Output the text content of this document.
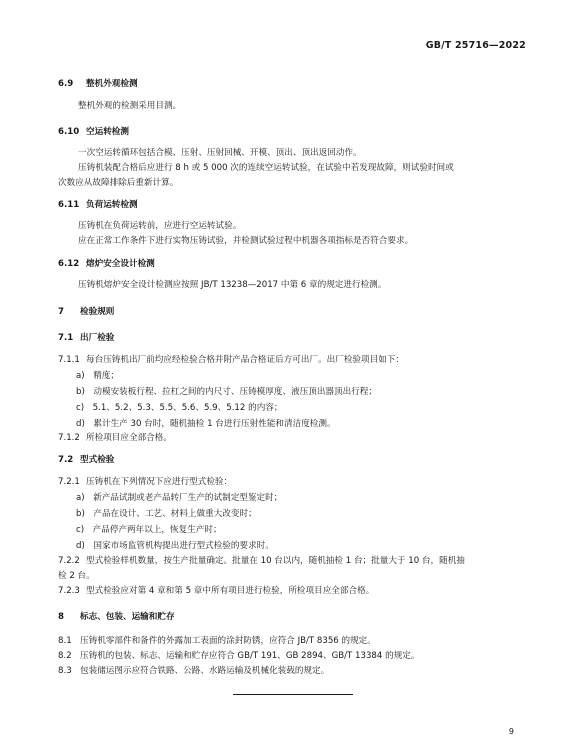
GB/T 25716—2022
6.9 整机外观检测
整机外观的检测采用目测。
6.10 空运转检测
一次空运转循环包括合模、压射、压射回械、开模、顶出、顶出返回动作。
压铸机装配合格后应进行 8 h 或 5 000 次的连续空运转试验，在试验中若发现故障，则试验时间或
次数应从故障排除后重新计算。
6.11 负荷运转检测
压铸机在负荷运转前，应进行空运转试验。
应在正常工作条件下进行实物压铸试验，并检测试验过程中机器各项指标是否符合要求。
6.12 熔炉安全设计检测
压铸机熔炉安全设计检测应按照 JB/T 13238—2017 中第 6 章的规定进行检测。
7 检验规则
7.1 出厂检验
7.1.1 每台压铸机出厂前均应经检验合格并附产品合格证后方可出厂。出厂检验项目如下：
a)　精度；
b)　动模安装板行程、拉杠之间的内尺寸、压铸模厚度、液压顶出器顶出行程；
c)　5.1、5.2、5.3、5.5、5.6、5.9、5.12 的内容；
d)　累计生产 30 台时，随机抽检 1 台进行压射性能和清洁度检测。
7.1.2 所检项目应全部合格。
7.2 型式检验
7.2.1 压铸机在下列情况下应进行型式检验：
a)　新产品试制或老产品转厂生产的试制定型鉴定时；
b)　产品在设计、工艺、材料上做重大改变时；
c)　产品停产两年以上，恢复生产时；
d)　国家市场监管机构提出进行型式检验的要求时。
7.2.2 型式检验样机数量，按生产批量确定。批量在 10 台以内，随机抽检 1 台；批量大于 10 台，随机抽
检 2 台。
7.2.3 型式检验应对第 4 章和第 5 章中所有项目进行检验，所检项目应全部合格。
8 标志、包装、运输和贮存
8.1 压铸机零部件和备件的外露加工表面的涂封防锈，应符合 JB/T 8356 的规定。
8.2 压铸机的包装、标志、运输和贮存应符合 GB/T 191、GB 2894、GB/T 13384 的规定。
8.3 包装储运图示应符合铁路、公路、水路运输及机械化装载的规定。
9
